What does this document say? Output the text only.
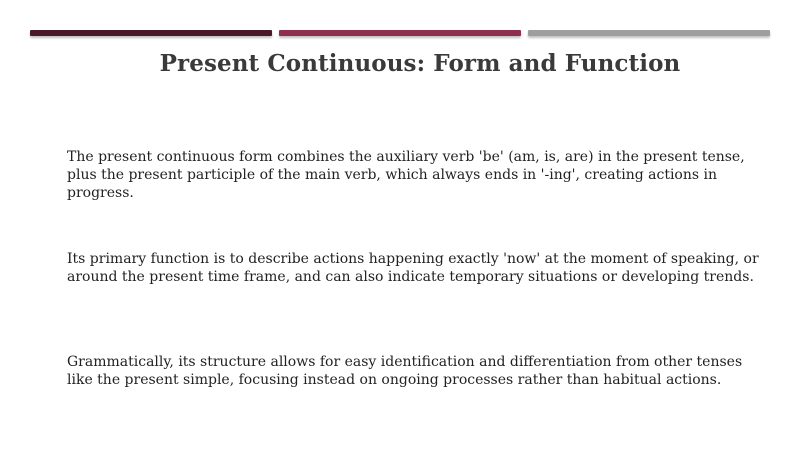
Present Continuous: Form and Function

The present continuous form combines the auxiliary verb 'be' (am, is, are) in the present tense, plus the present participle of the main verb, which always ends in '-ing', creating actions in progress.

Its primary function is to describe actions happening exactly 'now' at the moment of speaking, or around the present time frame, and can also indicate temporary situations or developing trends.

Grammatically, its structure allows for easy identification and differentiation from other tenses like the present simple, focusing instead on ongoing processes rather than habitual actions.
